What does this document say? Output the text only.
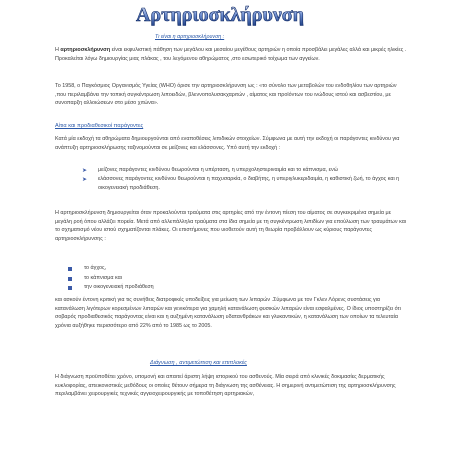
Αρτηριοσκλήρυνση
Τι είναι η αρτηριοσκλήρυνση :
Η αρτηριοσκλήρυνση είναι εκφυλιστική πάθηση των μεγάλου και μεσαίου μεγέθους αρτηριών η οποία προσβάλει μεγάλες αλλά και μικρές ηλικίες . Προκαλείται λόγω δημιουργίας μιας πλάκας , του λεγόμενου αθηρώματος ,στο εσωτερικό τοίχωμα των αγγείων.
Το 1958, ο Παγκόσμιος Οργανισμός Υγείας (WHO) όρισε την αρτηριοσκλήρυνση ως : «το σύνολο των μεταβολών του ενδοθηλίου των αρτηριών ,που περιλαμβάνει την τοπική συγκέντρωση λιποειδών, βλεννοπολυσακχαριτών , αίματος και προϊόντων του ινώδους ιστού και ασβεστίου, με συνοπαρξη αλλοιώσεων στο μέσο χιτώνα».
Αίτια και προδιαθεσικοί παράγοντες
Κατά μία εκδοχή τα αθηρώματα δημιουργούνται από εναποθέσεις λιπιδικών στοιχείων. Σύμφωνα με αυτή την εκδοχή οι παράγοντες κινδύνου για ανάπτυξη αρτηριοσκλήρωσης ταξινομούνται σε μείζονες και ελάσσονες. Υπό αυτή την εκδοχή :
➤ μείζονες παράγοντες κινδύνου θεωρούνται η υπέρταση, η υπερχοληστεριναιμία και το κάπνισμα, ενώ
➤ ελάσσονες παράγοντες κινδύνου θεωρούνται η παχυσαρκία, ο διαβήτης, η υπεριγλυκεριδαιμία, η καθιστική ζωή, το άγχος και η οικογενειακή προδιάθεση.
Η αρτηριοσκλήρυνση δημιουργείται όταν προκαλούνται τραύματα στις αρτηρίες από την έντονη πίεση του αίματος σε συγκεκριμένα σημεία με μεγάλη ροή όπου αλλάζει πορεία. Μετά από αλλεπάλληλα τραύματα στα ίδια σημεία με τη συγκέντρωση λιπιδίων για επούλωση των τραυμάτων και το σχηματισμό νέου ιστού σχηματίζονται πλάκες. Οι επιστήμονες που υιοθετούν αυτή τη θεωρία προβάλλουν ως κύριους παράγοντες αρτηριοσκλήρυνσης :
το άγχος,
το κάπνισμα και
την οικογενειακή προδιάθεση
και ασκούν έντονη κριτική για τις συνήθεις διατροφικές υποδείξεις για μείωση των λιπαρών .Σύμφωνα με τον Γκλεν Λόρενς συστάσεις για κατανάλωση λιγότερων κορεσμένων λιπαρών και γενικότερα για χαμηλή κατανάλωση φυσικών λιπαρών είναι εσφαλμένες. Ο ίδιος υποστηρίζει ότι σοβαρός προδιαθεσικός παράγοντας είναι και η αυξημένη κατανάλωση υδατανθράκων και γλυκαντικών, η κατανάλωση των οποίων τα τελευταία χρόνια αυξήθηκε περισσότερο από 22% από το 1985 ως το 2005.
Διάγνωση , αντιμετώπιση και επιπλοκές
Η διάγνωση προϋποθέτει χρόνο, υπομονή και απαιτεί άριστη λήψη ιστορικού του ασθενούς. Μία σειρά από κλινικές δοκιμασίες δερματικής κυκλοφορίας, απεικονιστικές μεθόδους οι οποίες θέτουν σήμερα τη διάγνωση της ασθένειας. Η σημερινή αντιμετώπιση της αρτηριοσκλήρυνσης περιλαμβάνει χειρουργικές τεχνικές αγγειοχειρουργικής με τοποθέτηση αρτηριακών,
